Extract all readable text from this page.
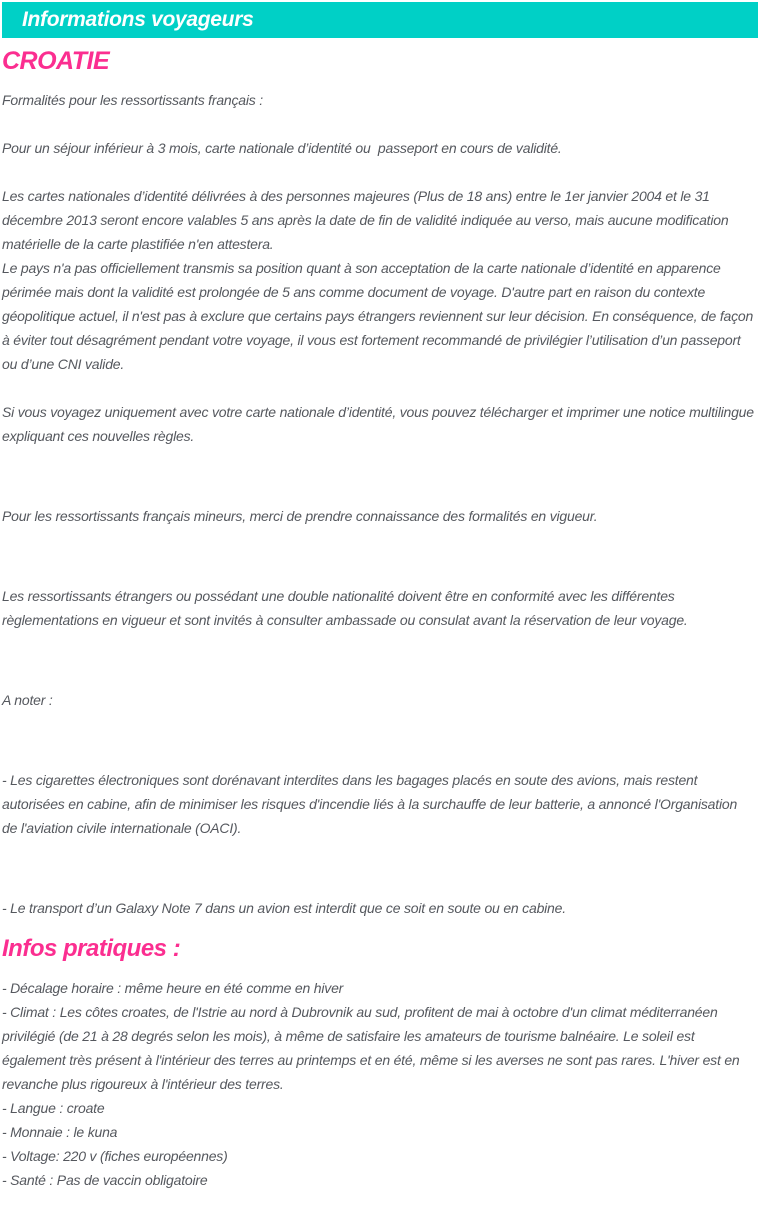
Informations voyageurs
CROATIE

Formalités pour les ressortissants français :

Pour un séjour inférieur à 3 mois, carte nationale d’identité ou  passeport en cours de validité.

Les cartes nationales d’identité délivrées à des personnes majeures (Plus de 18 ans) entre le 1er janvier 2004 et le 31 décembre 2013 seront encore valables 5 ans après la date de fin de validité indiquée au verso, mais aucune modification matérielle de la carte plastifiée n'en attestera.

Le pays n'a pas officiellement transmis sa position quant à son acceptation de la carte nationale d’identité en apparence périmée mais dont la validité est prolongée de 5 ans comme document de voyage. D'autre part en raison du contexte géopolitique actuel, il n'est pas à exclure que certains pays étrangers reviennent sur leur décision. En conséquence, de façon à éviter tout désagrément pendant votre voyage, il vous est fortement recommandé de privilégier l’utilisation d’un passeport ou d’une CNI valide.

Si vous voyagez uniquement avec votre carte nationale d’identité, vous pouvez télécharger et imprimer une notice multilingue expliquant ces nouvelles règles.

Pour les ressortissants français mineurs, merci de prendre connaissance des formalités en vigueur.

Les ressortissants étrangers ou possédant une double nationalité doivent être en conformité avec les différentes règlementations en vigueur et sont invités à consulter ambassade ou consulat avant la réservation de leur voyage.

A noter :

- Les cigarettes électroniques sont dorénavant interdites dans les bagages placés en soute des avions, mais restent autorisées en cabine, afin de minimiser les risques d'incendie liés à la surchauffe de leur batterie, a annoncé l'Organisation de l'aviation civile internationale (OACI).

- Le transport d’un Galaxy Note 7 dans un avion est interdit que ce soit en soute ou en cabine.

Infos pratiques :

- Décalage horaire : même heure en été comme en hiver

- Climat : Les côtes croates, de l'Istrie au nord à Dubrovnik au sud, profitent de mai à octobre d'un climat méditerranéen privilégié (de 21 à 28 degrés selon les mois), à même de satisfaire les amateurs de tourisme balnéaire. Le soleil est également très présent à l'intérieur des terres au printemps et en été, même si les averses ne sont pas rares. L'hiver est en revanche plus rigoureux à l'intérieur des terres.

- Langue : croate

- Monnaie : le kuna

- Voltage: 220 v (fiches européennes)

- Santé : Pas de vaccin obligatoire
